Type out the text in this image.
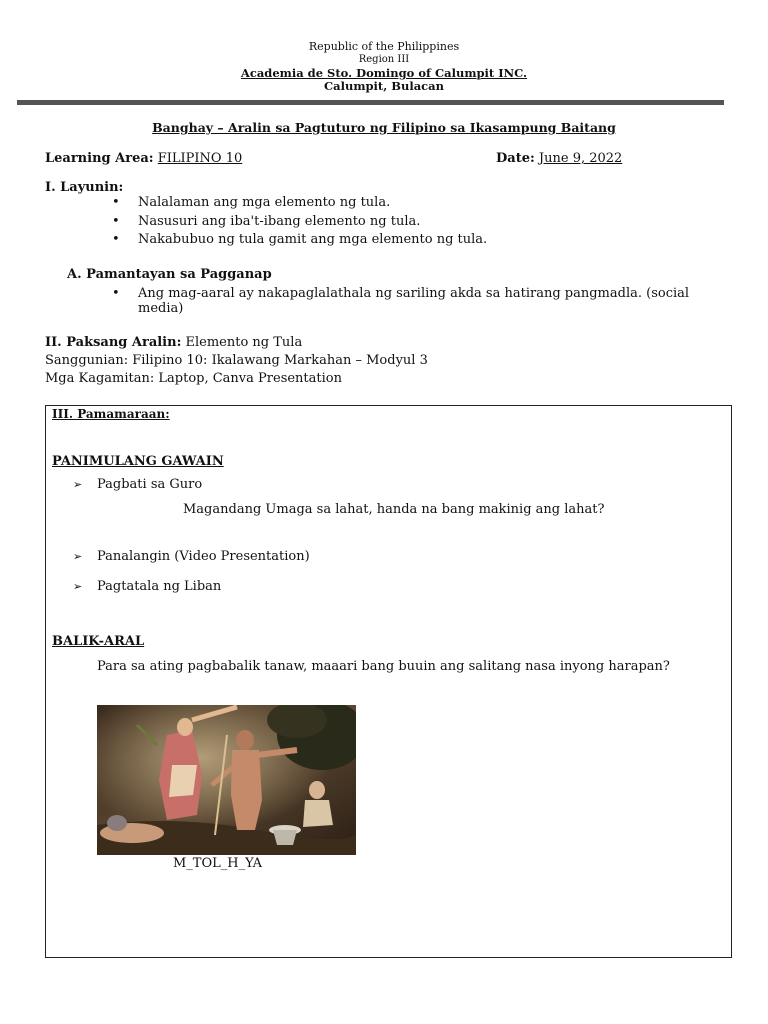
Republic of the Philippines
Region III
Academia de Sto. Domingo of Calumpit INC.
Calumpit, Bulacan
Banghay – Aralin sa Pagtuturo ng Filipino sa Ikasampung Baitang
Learning Area: FILIPINO 10	Date: June 9, 2022
I. Layunin:
•	Nalalaman ang mga elemento ng tula.
•	Nasusuri ang iba't-ibang elemento ng tula.
•	Nakabubuo ng tula gamit ang mga elemento ng tula.
A. Pamantayan sa Pagganap
•	Ang mag-aaral ay nakapaglalathala ng sariling akda sa hatirang pangmadla. (social
media)
II. Paksang Aralin: Elemento ng Tula
Sanggunian: Filipino 10: Ikalawang Markahan – Modyul 3
Mga Kagamitan: Laptop, Canva Presentation
III. Pamamaraan:
PANIMULANG GAWAIN
➢	Pagbati sa Guro
Magandang Umaga sa lahat, handa na bang makinig ang lahat?
➢	Panalangin (Video Presentation)
➢	Pagtatala ng Liban
BALIK-ARAL
Para sa ating pagbabalik tanaw, maaari bang buuin ang salitang nasa inyong harapan?
M_TOL_H_YA
